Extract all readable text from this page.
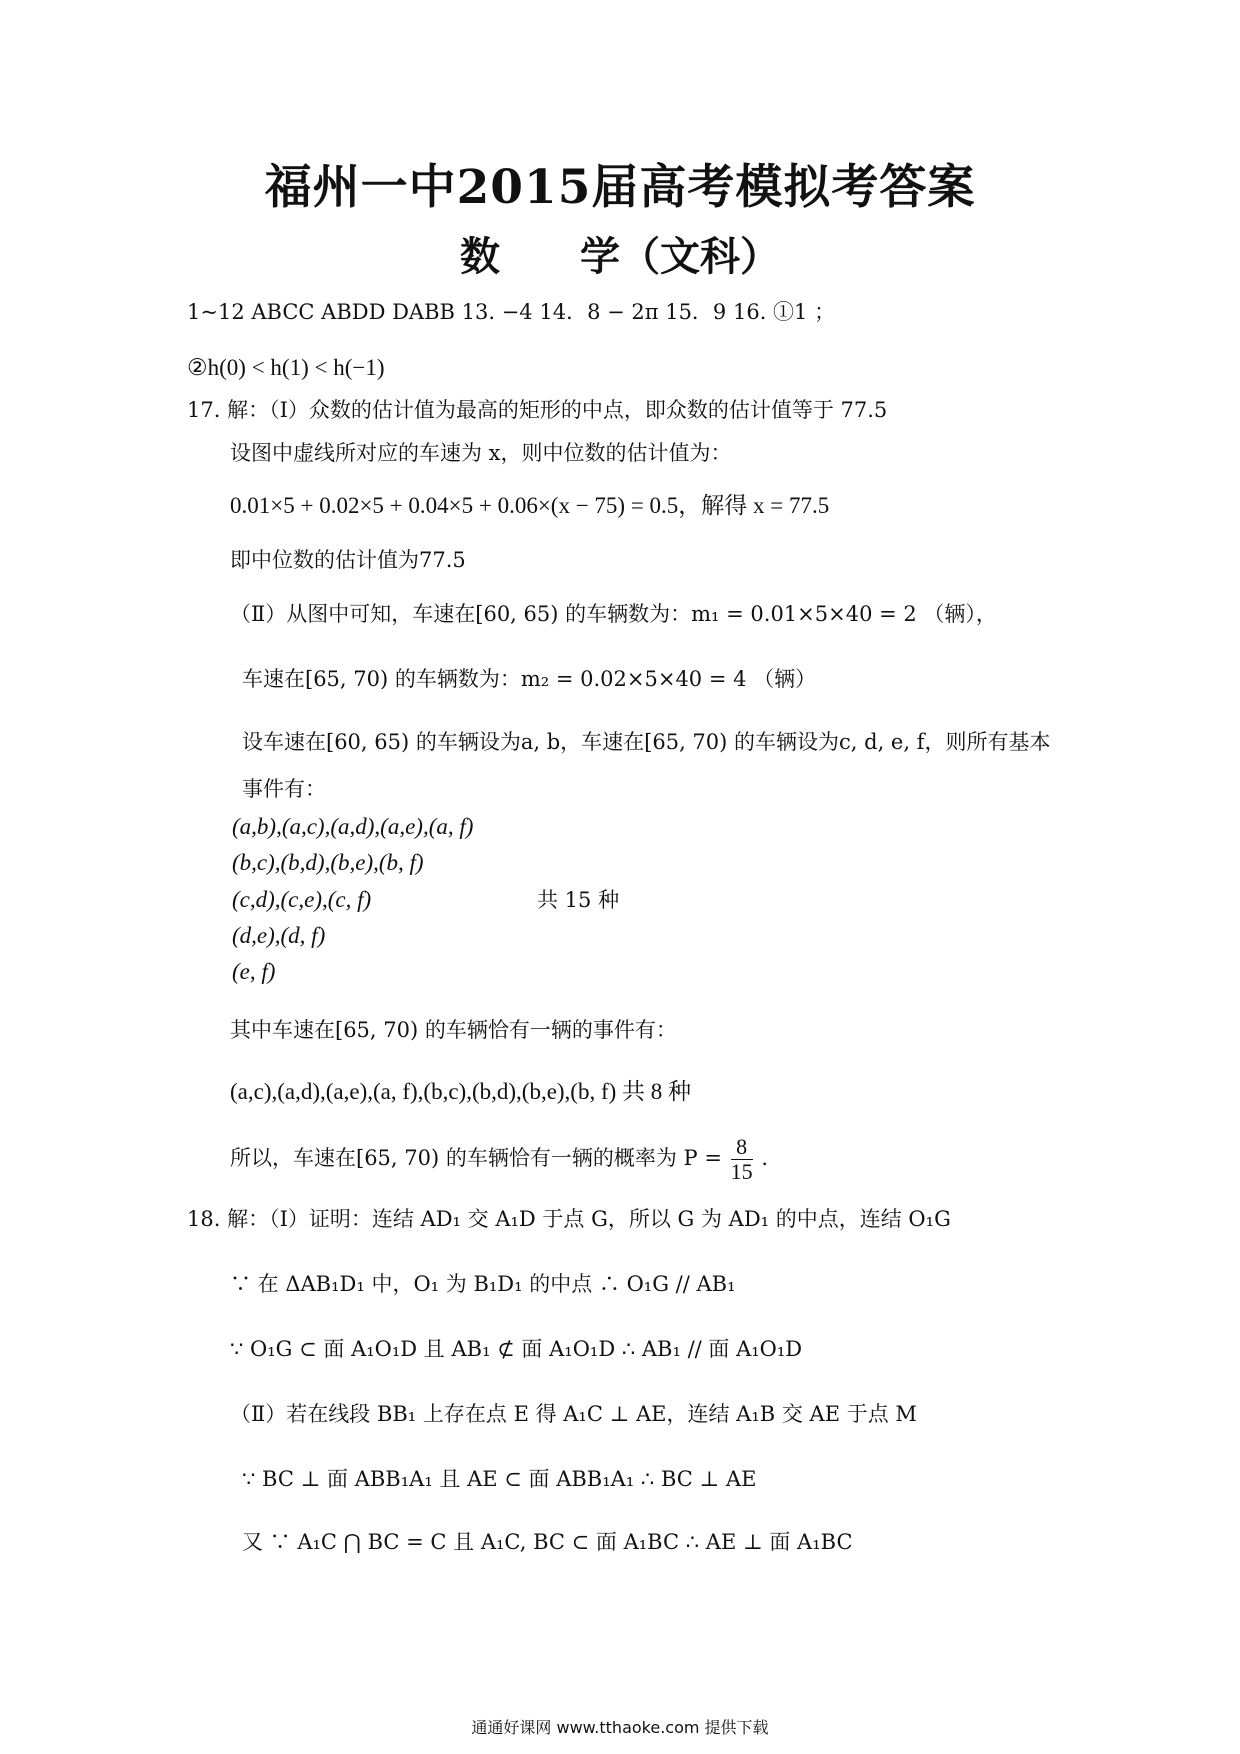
福州一中2015届高考模拟考答案
数　　学（文科）
1~12 ABCC ABDD DABB 13. −4 14．8 − 2π 15．9 16. ①1 ；
②h(0) < h(1) < h(−1)
17. 解：（Ⅰ）众数的估计值为最高的矩形的中点，即众数的估计值等于 77.5
设图中虚线所对应的车速为 x，则中位数的估计值为：
0.01×5 + 0.02×5 + 0.04×5 + 0.06×(x − 75) = 0.5，解得 x = 77.5
即中位数的估计值为77.5
（Ⅱ）从图中可知，车速在[60, 65) 的车辆数为：m₁ = 0.01×5×40 = 2 （辆），
车速在[65, 70) 的车辆数为：m₂ = 0.02×5×40 = 4 （辆）
设车速在[60, 65) 的车辆设为a, b，车速在[65, 70) 的车辆设为c, d, e, f，则所有基本
事件有：
(a,b),(a,c),(a,d),(a,e),(a, f)
(b,c),(b,d),(b,e),(b, f)
(c,d),(c,e),(c, f)	共 15 种
(d,e),(d, f)
(e, f)
其中车速在[65, 70) 的车辆恰有一辆的事件有：
(a,c),(a,d),(a,e),(a, f),(b,c),(b,d),(b,e),(b, f) 共 8 种
所以，车速在[65, 70) 的车辆恰有一辆的概率为 $P = \frac{8}{15}$ .
18. 解：（Ⅰ）证明：连结 AD₁ 交 A₁D 于点 G，所以 G 为 AD₁ 的中点，连结 O₁G
∵ 在 ΔAB₁D₁ 中，O₁ 为 B₁D₁ 的中点 ∴ O₁G // AB₁
∵ O₁G ⊂ 面 A₁O₁D 且 AB₁ ⊄ 面 A₁O₁D ∴ AB₁ // 面 A₁O₁D
（Ⅱ）若在线段 BB₁ 上存在点 E 得 A₁C ⊥ AE，连结 A₁B 交 AE 于点 M
∵ BC ⊥ 面 ABB₁A₁ 且 AE ⊂ 面 ABB₁A₁ ∴ BC ⊥ AE
又 ∵ A₁C ⋂ BC = C 且 A₁C, BC ⊂ 面 A₁BC ∴ AE ⊥ 面 A₁BC
通通好课网 www.tthaoke.com 提供下载
